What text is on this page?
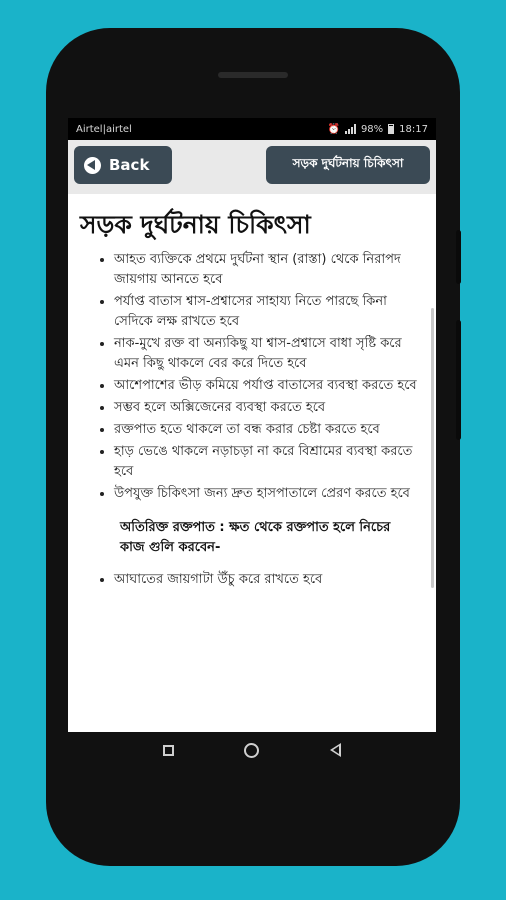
Airtel|airtel	⏰ 98% 18:17
Back	সড়ক দুর্ঘটনায় চিকিৎসা
সড়ক দুর্ঘটনায় চিকিৎসা
• আহত ব্যক্তিকে প্রথমে দুর্ঘটনা স্থান (রাস্তা) থেকে নিরাপদ জায়গায় আনতে হবে
• পর্যাপ্ত বাতাস শ্বাস-প্রশ্বাসের সাহায্য নিতে পারছে কিনা সেদিকে লক্ষ রাখতে হবে
• নাক-মুখে রক্ত বা অন্যকিছু যা শ্বাস-প্রশ্বাসে বাধা সৃষ্টি করে এমন কিছু থাকলে বের করে দিতে হবে
• আশেপাশের ভীড় কমিয়ে পর্যাপ্ত বাতাসের ব্যবস্থা করতে হবে
• সম্ভব হলে অক্সিজেনের ব্যবস্থা করতে হবে
• রক্তপাত হতে থাকলে তা বন্ধ করার চেষ্টা করতে হবে
• হাড় ভেঙে থাকলে নড়াচড়া না করে বিশ্রামের ব্যবস্থা করতে হবে
• উপযুক্ত চিকিৎসা জন্য দ্রুত হাসপাতালে প্রেরণ করতে হবে
অতিরিক্ত রক্তপাত : ক্ষত থেকে রক্তপাত হলে নিচের কাজ গুলি করবেন-
• আঘাতের জায়গাটা উঁচু করে রাখতে হবে
